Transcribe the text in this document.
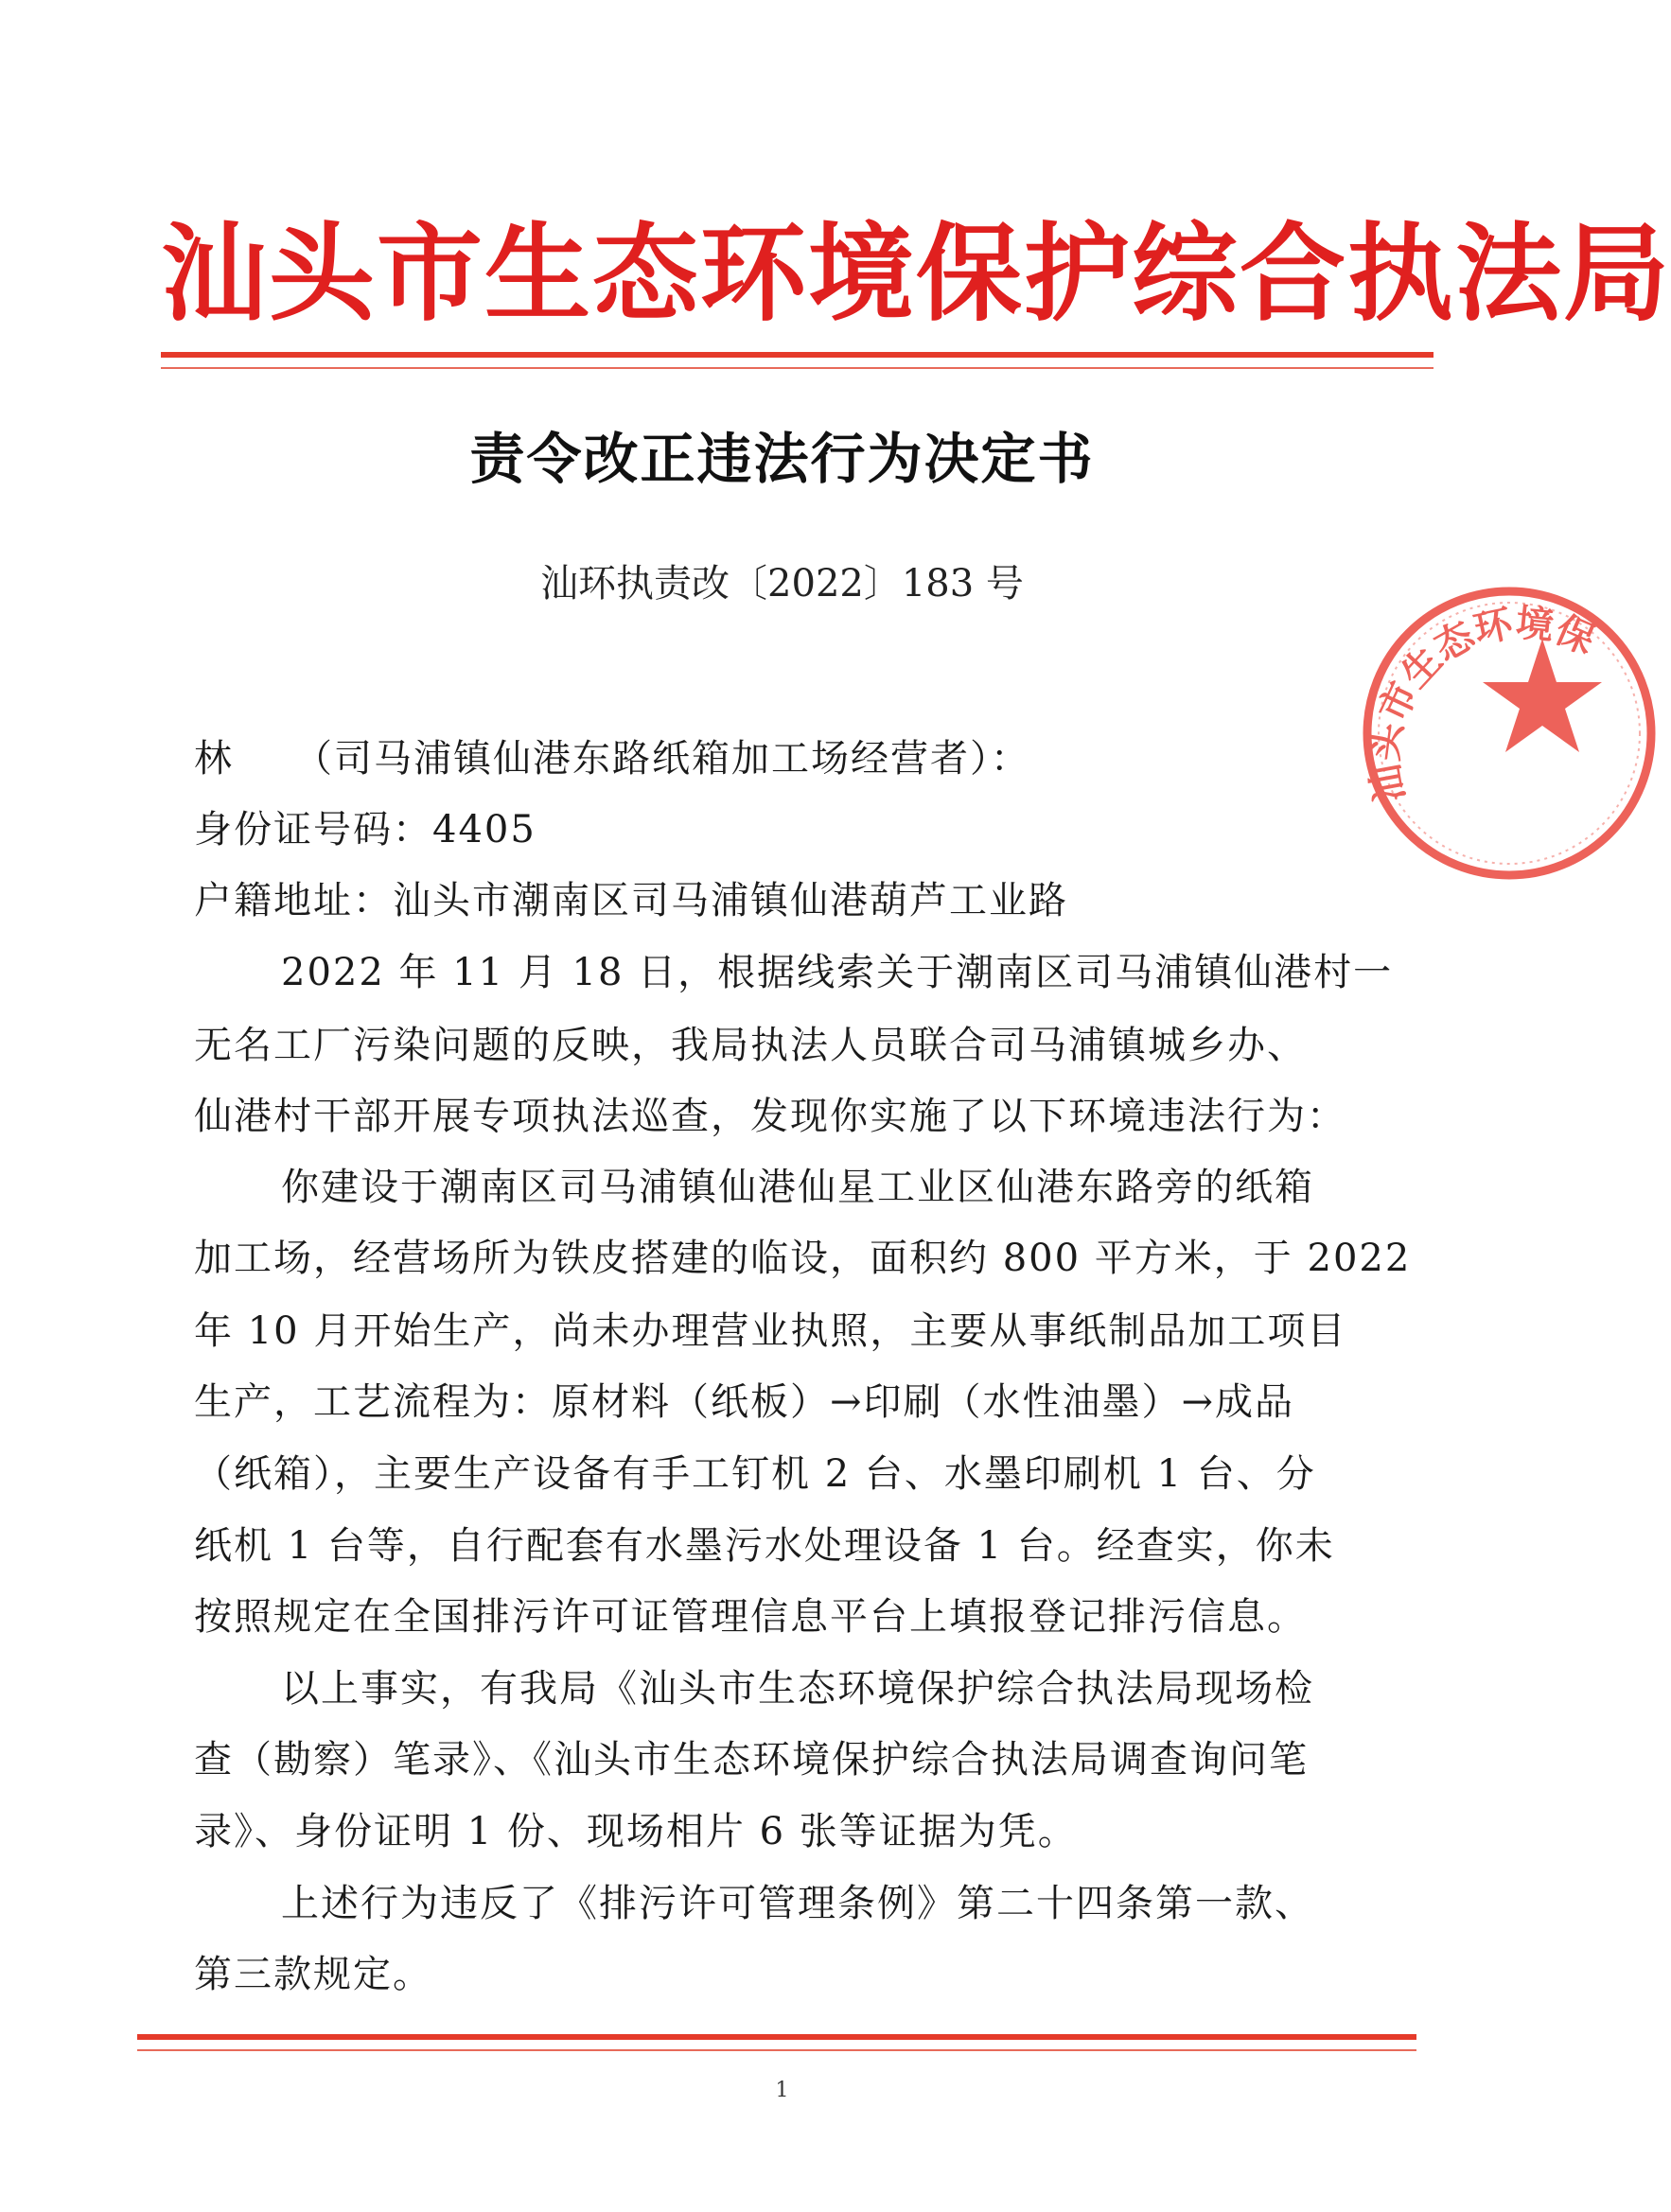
汕头市生态环境保护综合执法局
责令改正违法行为决定书
汕环执责改〔2022〕183 号
汕头市生态环境保
林　　（司马浦镇仙港东路纸箱加工场经营者）：
身份证号码：4405
户籍地址：汕头市潮南区司马浦镇仙港葫芦工业路
2022 年 11 月 18 日，根据线索关于潮南区司马浦镇仙港村一
无名工厂污染问题的反映，我局执法人员联合司马浦镇城乡办、
仙港村干部开展专项执法巡查，发现你实施了以下环境违法行为：
你建设于潮南区司马浦镇仙港仙星工业区仙港东路旁的纸箱
加工场，经营场所为铁皮搭建的临设，面积约 800 平方米，于 2022
年 10 月开始生产，尚未办理营业执照，主要从事纸制品加工项目
生产，工艺流程为：原材料（纸板）→印刷（水性油墨）→成品
（纸箱），主要生产设备有手工钉机 2 台、水墨印刷机 1 台、分
纸机 1 台等，自行配套有水墨污水处理设备 1 台。经查实，你未
按照规定在全国排污许可证管理信息平台上填报登记排污信息。
以上事实，有我局《汕头市生态环境保护综合执法局现场检
查（勘察）笔录》、《汕头市生态环境保护综合执法局调查询问笔
录》、身份证明 1 份、现场相片 6 张等证据为凭。
上述行为违反了《排污许可管理条例》第二十四条第一款、
第三款规定。
1
